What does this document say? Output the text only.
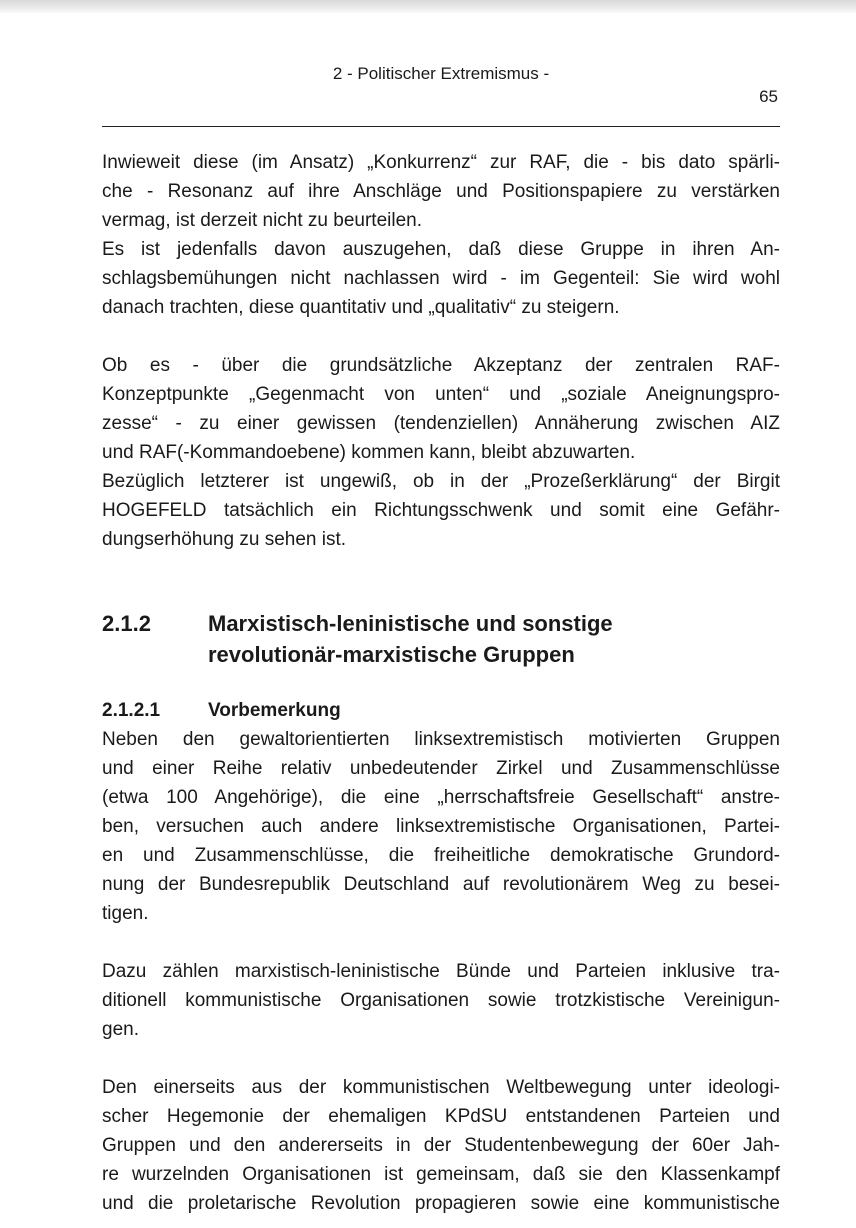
2 - Politischer Extremismus -
65

Inwieweit diese (im Ansatz) „Konkurrenz“ zur RAF, die - bis dato spärli-
che - Resonanz auf ihre Anschläge und Positionspapiere zu verstärken
vermag, ist derzeit nicht zu beurteilen.

Es ist jedenfalls davon auszugehen, daß diese Gruppe in ihren An-
schlagsbemühungen nicht nachlassen wird - im Gegenteil: Sie wird wohl
danach trachten, diese quantitativ und „qualitativ“ zu steigern.

Ob es - über die grundsätzliche Akzeptanz der zentralen RAF-
Konzeptpunkte „Gegenmacht von unten“ und „soziale Aneignungspro-
zesse“ - zu einer gewissen (tendenziellen) Annäherung zwischen AIZ
und RAF(-Kommandoebene) kommen kann, bleibt abzuwarten.

Bezüglich letzterer ist ungewiß, ob in der „Prozeßerklärung“ der Birgit
HOGEFELD tatsächlich ein Richtungsschwenk und somit eine Gefähr-
dungserhöhung zu sehen ist.

2.1.2	Marxistisch-leninistische und sonstige
revolutionär-marxistische Gruppen
2.1.2.1	Vorbemerkung

Neben den gewaltorientierten linksextremistisch motivierten Gruppen
und einer Reihe relativ unbedeutender Zirkel und Zusammenschlüsse
(etwa 100 Angehörige), die eine „herrschaftsfreie Gesellschaft“ anstre-
ben, versuchen auch andere linksextremistische Organisationen, Partei-
en und Zusammenschlüsse, die freiheitliche demokratische Grundord-
nung der Bundesrepublik Deutschland auf revolutionärem Weg zu besei-
tigen.

Dazu zählen marxistisch-leninistische Bünde und Parteien inklusive tra-
ditionell kommunistische Organisationen sowie trotzkistische Vereinigun-
gen.

Den einerseits aus der kommunistischen Weltbewegung unter ideologi-
scher Hegemonie der ehemaligen KPdSU entstandenen Parteien und
Gruppen und den andererseits in der Studentenbewegung der 60er Jah-
re wurzelnden Organisationen ist gemeinsam, daß sie den Klassenkampf
und die proletarische Revolution propagieren sowie eine kommunistische
